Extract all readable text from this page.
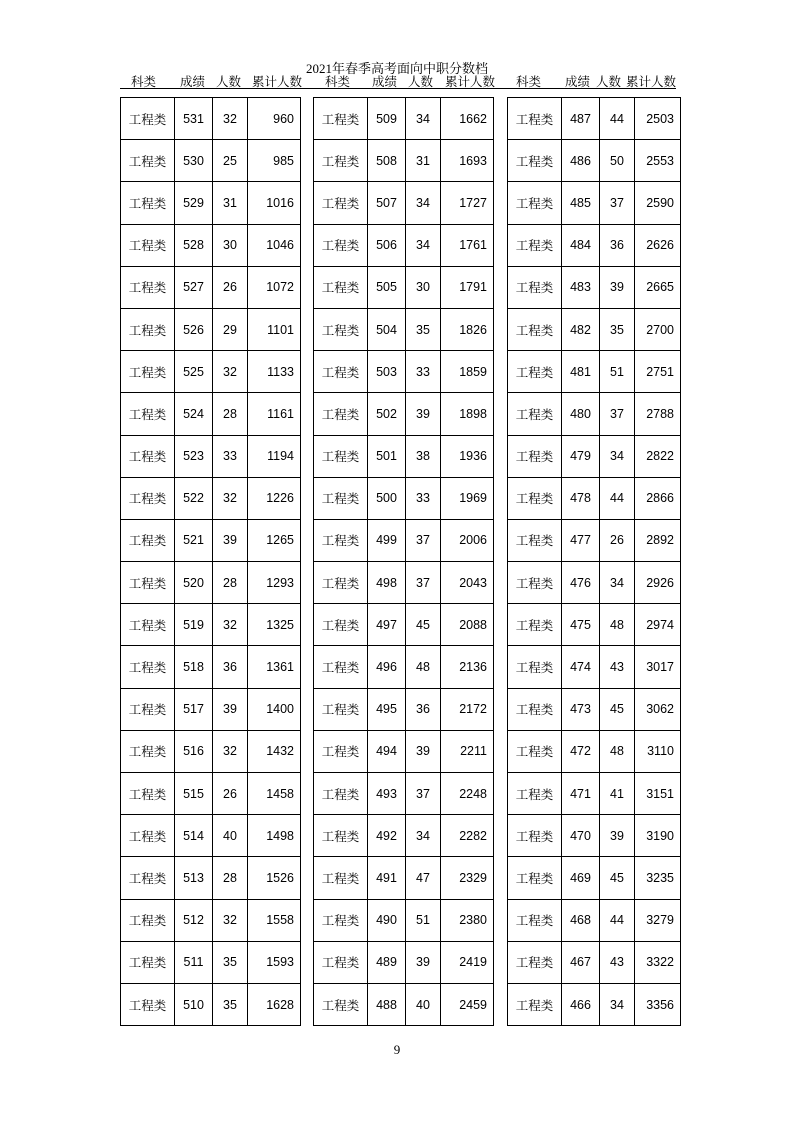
2021年春季高考面向中职分数档
科类 成绩 人数 累计人数 科类 成绩 人数 累计人数 科类 成绩 人数 累计人数
工程类	531	32	960
工程类	530	25	985
工程类	529	31	1016
工程类	528	30	1046
工程类	527	26	1072
工程类	526	29	1101
工程类	525	32	1133
工程类	524	28	1161
工程类	523	33	1194
工程类	522	32	1226
工程类	521	39	1265
工程类	520	28	1293
工程类	519	32	1325
工程类	518	36	1361
工程类	517	39	1400
工程类	516	32	1432
工程类	515	26	1458
工程类	514	40	1498
工程类	513	28	1526
工程类	512	32	1558
工程类	511	35	1593
工程类	510	35	1628
工程类	509	34	1662
工程类	508	31	1693
工程类	507	34	1727
工程类	506	34	1761
工程类	505	30	1791
工程类	504	35	1826
工程类	503	33	1859
工程类	502	39	1898
工程类	501	38	1936
工程类	500	33	1969
工程类	499	37	2006
工程类	498	37	2043
工程类	497	45	2088
工程类	496	48	2136
工程类	495	36	2172
工程类	494	39	2211
工程类	493	37	2248
工程类	492	34	2282
工程类	491	47	2329
工程类	490	51	2380
工程类	489	39	2419
工程类	488	40	2459
工程类	487	44	2503
工程类	486	50	2553
工程类	485	37	2590
工程类	484	36	2626
工程类	483	39	2665
工程类	482	35	2700
工程类	481	51	2751
工程类	480	37	2788
工程类	479	34	2822
工程类	478	44	2866
工程类	477	26	2892
工程类	476	34	2926
工程类	475	48	2974
工程类	474	43	3017
工程类	473	45	3062
工程类	472	48	3110
工程类	471	41	3151
工程类	470	39	3190
工程类	469	45	3235
工程类	468	44	3279
工程类	467	43	3322
工程类	466	34	3356
9
